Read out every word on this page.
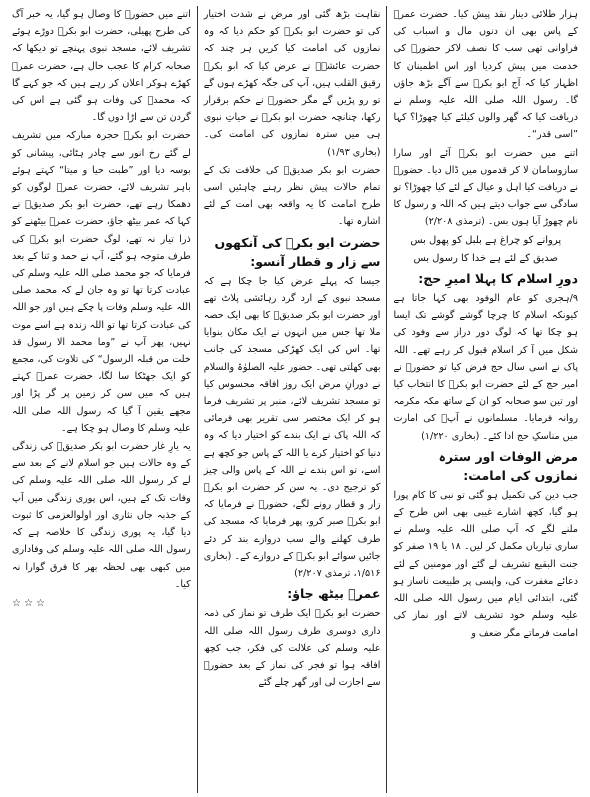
ہزار طلائی دینار نقد پیش کیا۔ حضرت عمرؓ کے پاس بھی ان دنوں مال و اسباب کی فراوانی تھی سب کا نصف لاکر حضورؐ کی خدمت میں پیش کردیا اور اس اطمینان کا اظہار کیا کہ آج ابو بکرؓ سے آگے بڑھ جاؤں گا۔ رسول اللہ صلی اللہ علیہ وسلم نے دریافت کیا کہ گھر والوں کیلئے کیا چھوڑا؟ کہا ”اسی قدر“۔

اتنے میں حضرت ابو بکرؓ آئے اور سارا سازوسامان لا کر قدموں میں ڈال دیا۔ حضورؐ نے دریافت کیا اہل و عیال کے لئے کیا چھوڑا؟ تو سادگی سے جواب دیتے ہیں کہ اللہ و رسول کا نام چھوڑ آیا ہوں بس۔ (ترمذی ۲/۲۰۸)

پروانے کو چراغ ہے بلبل کو پھول بس

صدیق کے لئے ہے خدا کا رسول بس

دورِ اسلام کا پہلا امیرِ حج:

۹/ہجری کو عام الوفود بھی کہا جاتا ہے کیونکہ اسلام کا چرچا گوشے گوشے تک ایسا ہو چکا تھا کہ لوگ دور دراز سے وفود کی شکل میں آ کر اسلام قبول کر رہے تھے۔ اللہ پاک نے اسی سال حج فرض کیا تو حضورؐ نے امیر حج کے لئے حضرت ابو بکرؓ کا انتخاب کیا اور تین سو صحابہ کو ان کے ساتھ مکہ مکرمہ روانہ فرمایا۔ مسلمانوں نے آپؓ کی امارت میں مناسکِ حج ادا کئے۔ (بخاری ۱/۲۲۰)

مرض الوفات اور سترہ نمازوں کی امامت:

جب دین کی تکمیل ہو گئی تو نبی کا کام پورا ہو گیا، کچھ اشارے غیبی بھی اس طرح کے ملنے لگے کہ آپ صلی اللہ علیہ وسلم نے ساری تیاریاں مکمل کر لیں۔ ۱۸ یا ۱۹ صفر کو جنت البقیع تشریف لے گئے اور مومنین کے لئے دعائے مغفرت کی، واپسی پر طبیعت ناساز ہو گئی، ابتدائی ایام میں رسول اللہ صلی اللہ علیہ وسلم خود تشریف لاتے اور نماز کی امامت فرماتے مگر ضعف و

نقاہت بڑھ گئی اور مرض نے شدت اختیار کی تو حضرت ابو بکرؓ کو حکم دیا کہ وہ نمازوں کی امامت کیا کریں ہر چند کہ حضرت عائشہؓ نے عرض کیا کہ ابو بکرؓ رقیق القلب ہیں، آپ کی جگہ کھڑے ہوں گے تو رو پڑیں گے مگر حضورؐ نے حکم برقرار رکھا، چنانچہ حضرت ابو بکرؓ نے حیاتِ نبوی ہی میں سترہ نمازوں کی امامت کی۔ (بخاری ۱/۹۳)

حضرت ابو بکر صدیقؓ کی خلافت تک کے تمام حالات پیش نظر رہنے چاہئیں اسی طرح امامت کا یہ واقعہ بھی امت کے لئے اشارہ تھا۔

حضرت ابو بکرؓ کی آنکھوں سے زار و قطار آنسو:

جیسا کہ پہلے عرض کیا جا چکا ہے کہ مسجد نبوی کے ارد گرد رہائشی پلاٹ تھے اور حضرت ابو بکر صدیقؓ کا بھی ایک حصہ ملا تھا جس میں انہوں نے ایک مکان بنوایا تھا۔ اس کی ایک کھڑکی مسجد کی جانب بھی کھلتی تھی۔ حضور علیہ الصلوٰۃ والسلام نے دورانِ مرض ایک روز افاقہ محسوس کیا تو مسجد تشریف لائے، منبر پر تشریف فرما ہو کر ایک مختصر سی تقریر بھی فرمائی کہ اللہ پاک نے ایک بندے کو اختیار دیا کہ وہ دنیا کو اختیار کرے یا اللہ کے پاس جو کچھ ہے اسے، تو اس بندے نے اللہ کے پاس والی چیز کو ترجیح دی۔ یہ سن کر حضرت ابو بکرؓ زار و قطار رونے لگے، حضورؐ نے فرمایا کہ ابو بکرؓ صبر کرو، پھر فرمایا کہ مسجد کی طرف کھلنے والے سب دروازے بند کر دئے جائیں سوائے ابو بکرؓ کے دروازے کے۔ (بخاری ۱/۵۱۶، ترمذی ۲/۲۰۷)

عمرؓ بیٹھ جاؤ:

حضرت ابو بکرؓ ایک طرف تو نماز کی ذمہ داری دوسری طرف رسول اللہ صلی اللہ علیہ وسلم کی علالت کی فکر، جب کچھ افاقہ ہوا تو فجر کی نماز کے بعد حضورؐ سے اجازت لی اور گھر چلے گئے

اتنے میں حضورؐ کا وصال ہو گیا، یہ خبر آگ کی طرح پھیلی، حضرت ابو بکرؓ دوڑے ہوئے تشریف لائے، مسجد نبوی پہنچے تو دیکھا کہ صحابہ کرام کا عجب حال ہے، حضرت عمرؓ کھڑے ہوکر اعلان کر رہے ہیں کہ جو کہے گا کہ محمدؐ کی وفات ہو گئی ہے اس کی گردن تن سے اڑا دوں گا۔

حضرت ابو بکرؓ حجرہ مبارکہ میں تشریف لے گئے رخ انور سے چادر ہٹائی، پیشانی کو بوسہ دیا اور ”طبت حیا و میتا“ کہتے ہوئے باہر تشریف لائے، حضرت عمرؓ لوگوں کو دھمکا رہے تھے، حضرت ابو بکر صدیقؓ نے کہا کہ عمر بیٹھ جاؤ، حضرت عمرؓ بیٹھنے کو ذرا تیار نہ تھے، لوگ حضرت ابو بکرؓ کی طرف متوجہ ہو گئے، آپ نے حمد و ثنا کے بعد فرمایا کہ جو محمد صلی اللہ علیہ وسلم کی عبادت کرتا تھا تو وہ جان لے کہ محمد صلی اللہ علیہ وسلم وفات پا چکے ہیں اور جو اللہ کی عبادت کرتا تھا تو اللہ زندہ ہے اسے موت نہیں، پھر آپ نے ”وما محمد الا رسول قد خلت من قبلہ الرسول“ کی تلاوت کی، مجمع کو ایک جھٹکا سا لگا، حضرت عمرؓ کہتے ہیں کہ میں سن کر زمین پر گر پڑا اور مجھے یقین آ گیا کہ رسول اللہ صلی اللہ علیہ وسلم کا وصال ہو چکا ہے۔

یہ یارِ غار حضرت ابو بکر صدیقؓ کی زندگی کے وہ حالات ہیں جو اسلام لانے کے بعد سے لے کر رسول اللہ صلی اللہ علیہ وسلم کی وفات تک کے ہیں، اس پوری زندگی میں آپ کے جذبہ جاں نثاری اور اولوالعزمی کا ثبوت دیا گیا، یہ پوری زندگی کا خلاصہ ہے کہ رسول اللہ صلی اللہ علیہ وسلم کی وفاداری میں کبھی بھی لحظہ بھر کا فرق گوارا نہ کیا۔

☆☆☆
